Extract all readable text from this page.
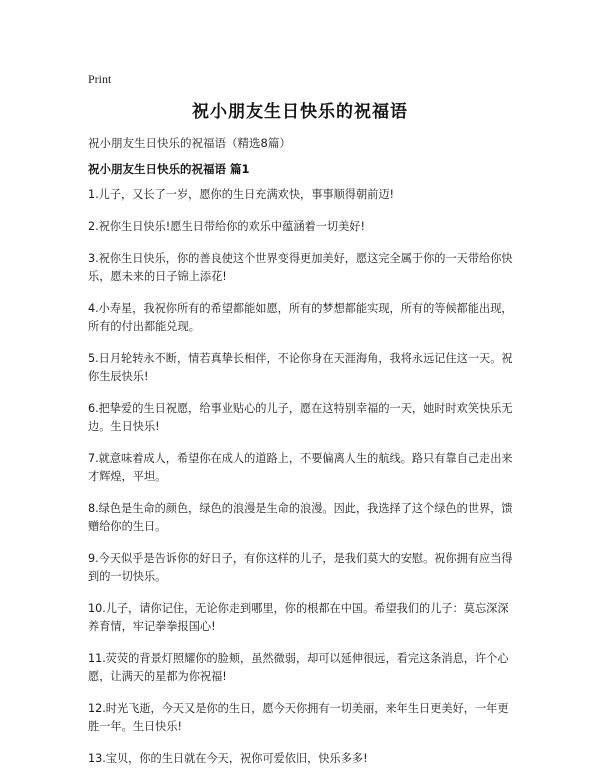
Print
祝小朋友生日快乐的祝福语
祝小朋友生日快乐的祝福语（精选8篇）
祝小朋友生日快乐的祝福语 篇1
1.儿子，又长了一岁，愿你的生日充满欢快，事事顺得朝前迈!
2.祝你生日快乐!愿生日带给你的欢乐中蕴涵着一切美好!
3.祝你生日快乐，你的善良使这个世界变得更加美好，愿这完全属于你的一天带给你快乐，愿未来的日子锦上添花!
4.小寿星，我祝你所有的希望都能如愿，所有的梦想都能实现，所有的等候都能出现，所有的付出都能兑现。
5.日月轮转永不断，情若真挚长相伴，不论你身在天涯海角，我将永远记住这一天。祝你生辰快乐!
6.把挚爱的生日祝愿，给事业贴心的儿子，愿在这特别幸福的一天，她时时欢笑快乐无边。生日快乐!
7.就意味着成人，希望你在成人的道路上，不要偏离人生的航线。路只有靠自己走出来才辉煌，平坦。
8.绿色是生命的颜色，绿色的浪漫是生命的浪漫。因此，我选择了这个绿色的世界，馈赠给你的生日。
9.今天似乎是告诉你的好日子，有你这样的儿子，是我们莫大的安慰。祝你拥有应当得到的一切快乐。
10.儿子，请你记住，无论你走到哪里，你的根都在中国。希望我们的儿子：莫忘深深养育情，牢记拳拳报国心!
11.荧荧的背景灯照耀你的脸颊，虽然微弱，却可以延伸很远，看完这条消息，许个心愿，让满天的星都为你祝福!
12.时光飞逝，今天又是你的生日，愿今天你拥有一切美丽，来年生日更美好，一年更胜一年。生日快乐!
13.宝贝，你的生日就在今天，祝你可爱依旧，快乐多多!
